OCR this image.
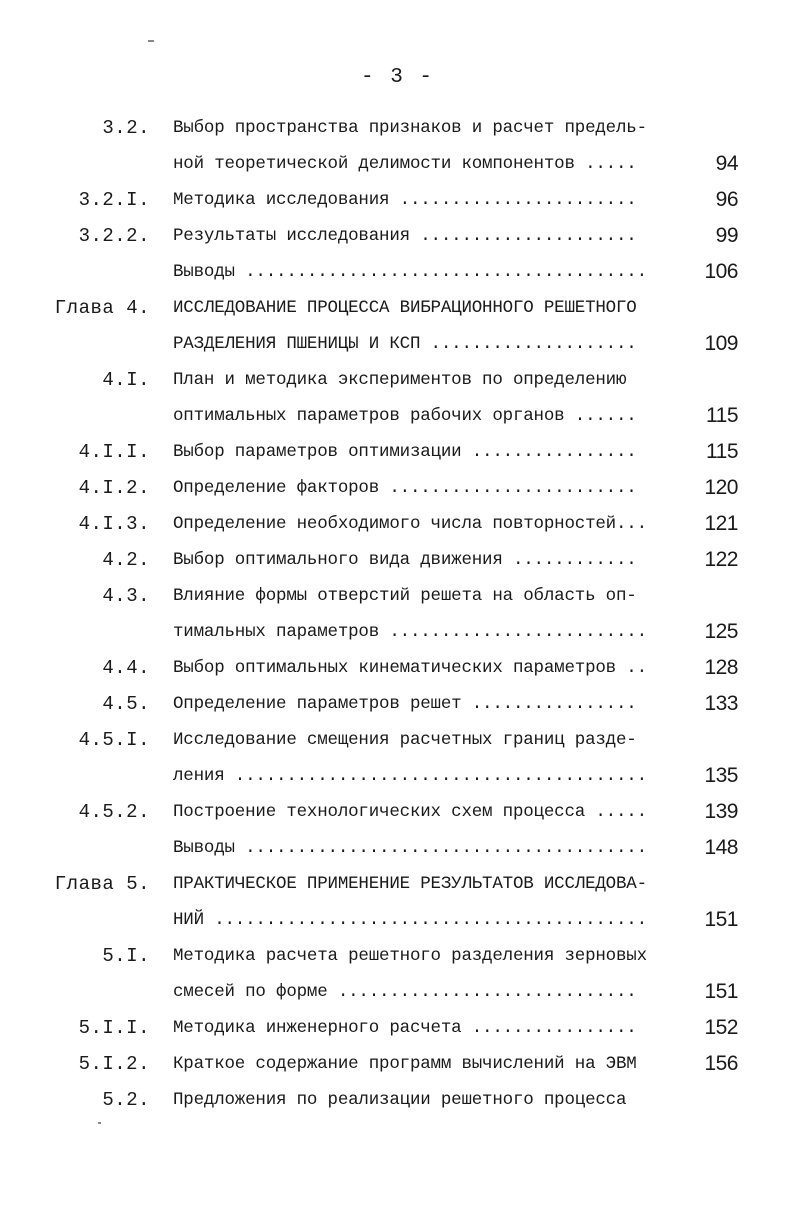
- 3 -
3.2. Выбор пространства признаков и расчет предель-
ной теоретической делимости компонентов .....	94
3.2.I. Методика исследования .......................	96
3.2.2. Результаты исследования .....................	99
Выводы .......................................	106
Глава 4. ИССЛЕДОВАНИЕ ПРОЦЕССА ВИБРАЦИОННОГО РЕШЕТНОГО
РАЗДЕЛЕНИЯ ПШЕНИЦЫ И КСП ....................	109
4.I. План и методика экспериментов по определению
оптимальных параметров рабочих органов ......	115
4.I.I. Выбор параметров оптимизации ................	115
4.I.2. Определение факторов ........................	120
4.I.3. Определение необходимого числа повторностей...	121
4.2. Выбор оптимального вида движения ............	122
4.3. Влияние формы отверстий решета на область оп-
тимальных параметров .........................	125
4.4. Выбор оптимальных кинематических параметров ..	128
4.5. Определение параметров решет ................	133
4.5.I. Исследование смещения расчетных границ разде-
ления ........................................	135
4.5.2. Построение технологических схем процесса .....	139
Выводы .......................................	148
Глава 5. ПРАКТИЧЕСКОЕ ПРИМЕНЕНИЕ РЕЗУЛЬТАТОВ ИССЛЕДОВА-
НИЙ ..........................................	151
5.I. Методика расчета решетного разделения зерновых
смесей по форме .............................	151
5.I.I. Методика инженерного расчета ................	152
5.I.2. Краткое содержание программ вычислений на ЭВМ	156
5.2. Предложения по реализации решетного процесса
